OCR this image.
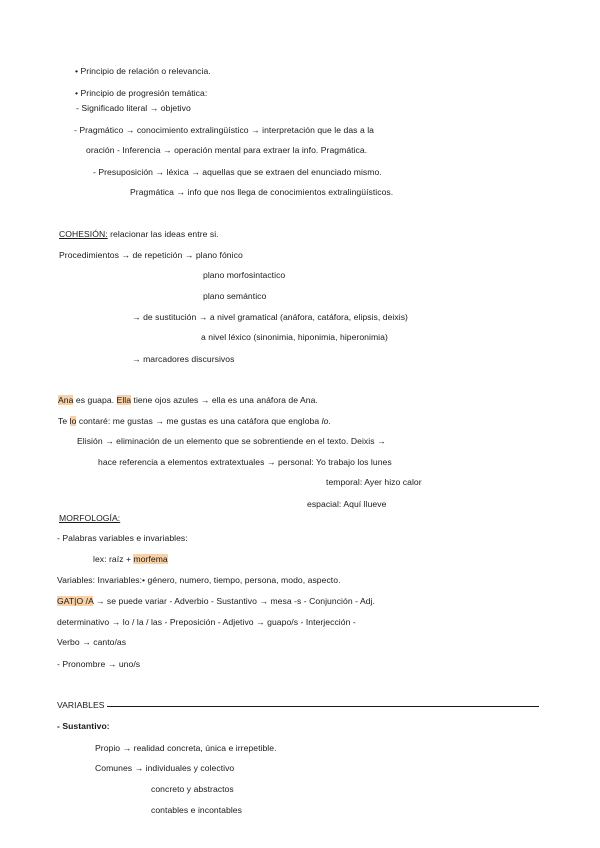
• Principio de relación o relevancia.
• Principio de progresión temática:
- Significado literal → objetivo
- Pragmático → conocimiento extralingüístico → interpretación que le das a la
oración - Inferencia → operación mental para extraer la info. Pragmática.
- Presuposición → léxica → aquellas que se extraen del enunciado mismo.
Pragmática → info que nos llega de conocimientos extralingüísticos.
COHESIÓN: relacionar las ideas entre si.
Procedimientos → de repetición → plano fónico
plano morfosintactico
plano semántico
→ de sustitución → a nivel gramatical (anáfora, catáfora, elipsis, deixis)
a nivel léxico (sinonimia, hiponimia, hiperonimia)
→ marcadores discursivos
Ana es guapa. Ella tiene ojos azules → ella es una anáfora de Ana.
Te lo contaré: me gustas → me gustas es una catáfora que engloba lo.
Elisión → eliminación de un elemento que se sobrentiende en el texto. Deixis →
hace referencia a elementos extratextuales → personal: Yo trabajo los lunes
temporal: Ayer hizo calor
espacial: Aquí llueve
MORFOLOGÍA:
- Palabras variables e invariables:
lex: raíz + morfema
Variables: Invariables:• género, numero, tiempo, persona, modo, aspecto.
GAT|O /A → se puede variar - Adverbio - Sustantivo → mesa -s - Conjunción - Adj.
determinativo → lo / la / las - Preposición - Adjetivo → guapo/s - Interjección -
Verbo → canto/as
- Pronombre → uno/s
VARIABLES
- Sustantivo:
Propio → realidad concreta, única e irrepetible.
Comunes → individuales y colectivo
concreto y abstractos
contables e incontables
